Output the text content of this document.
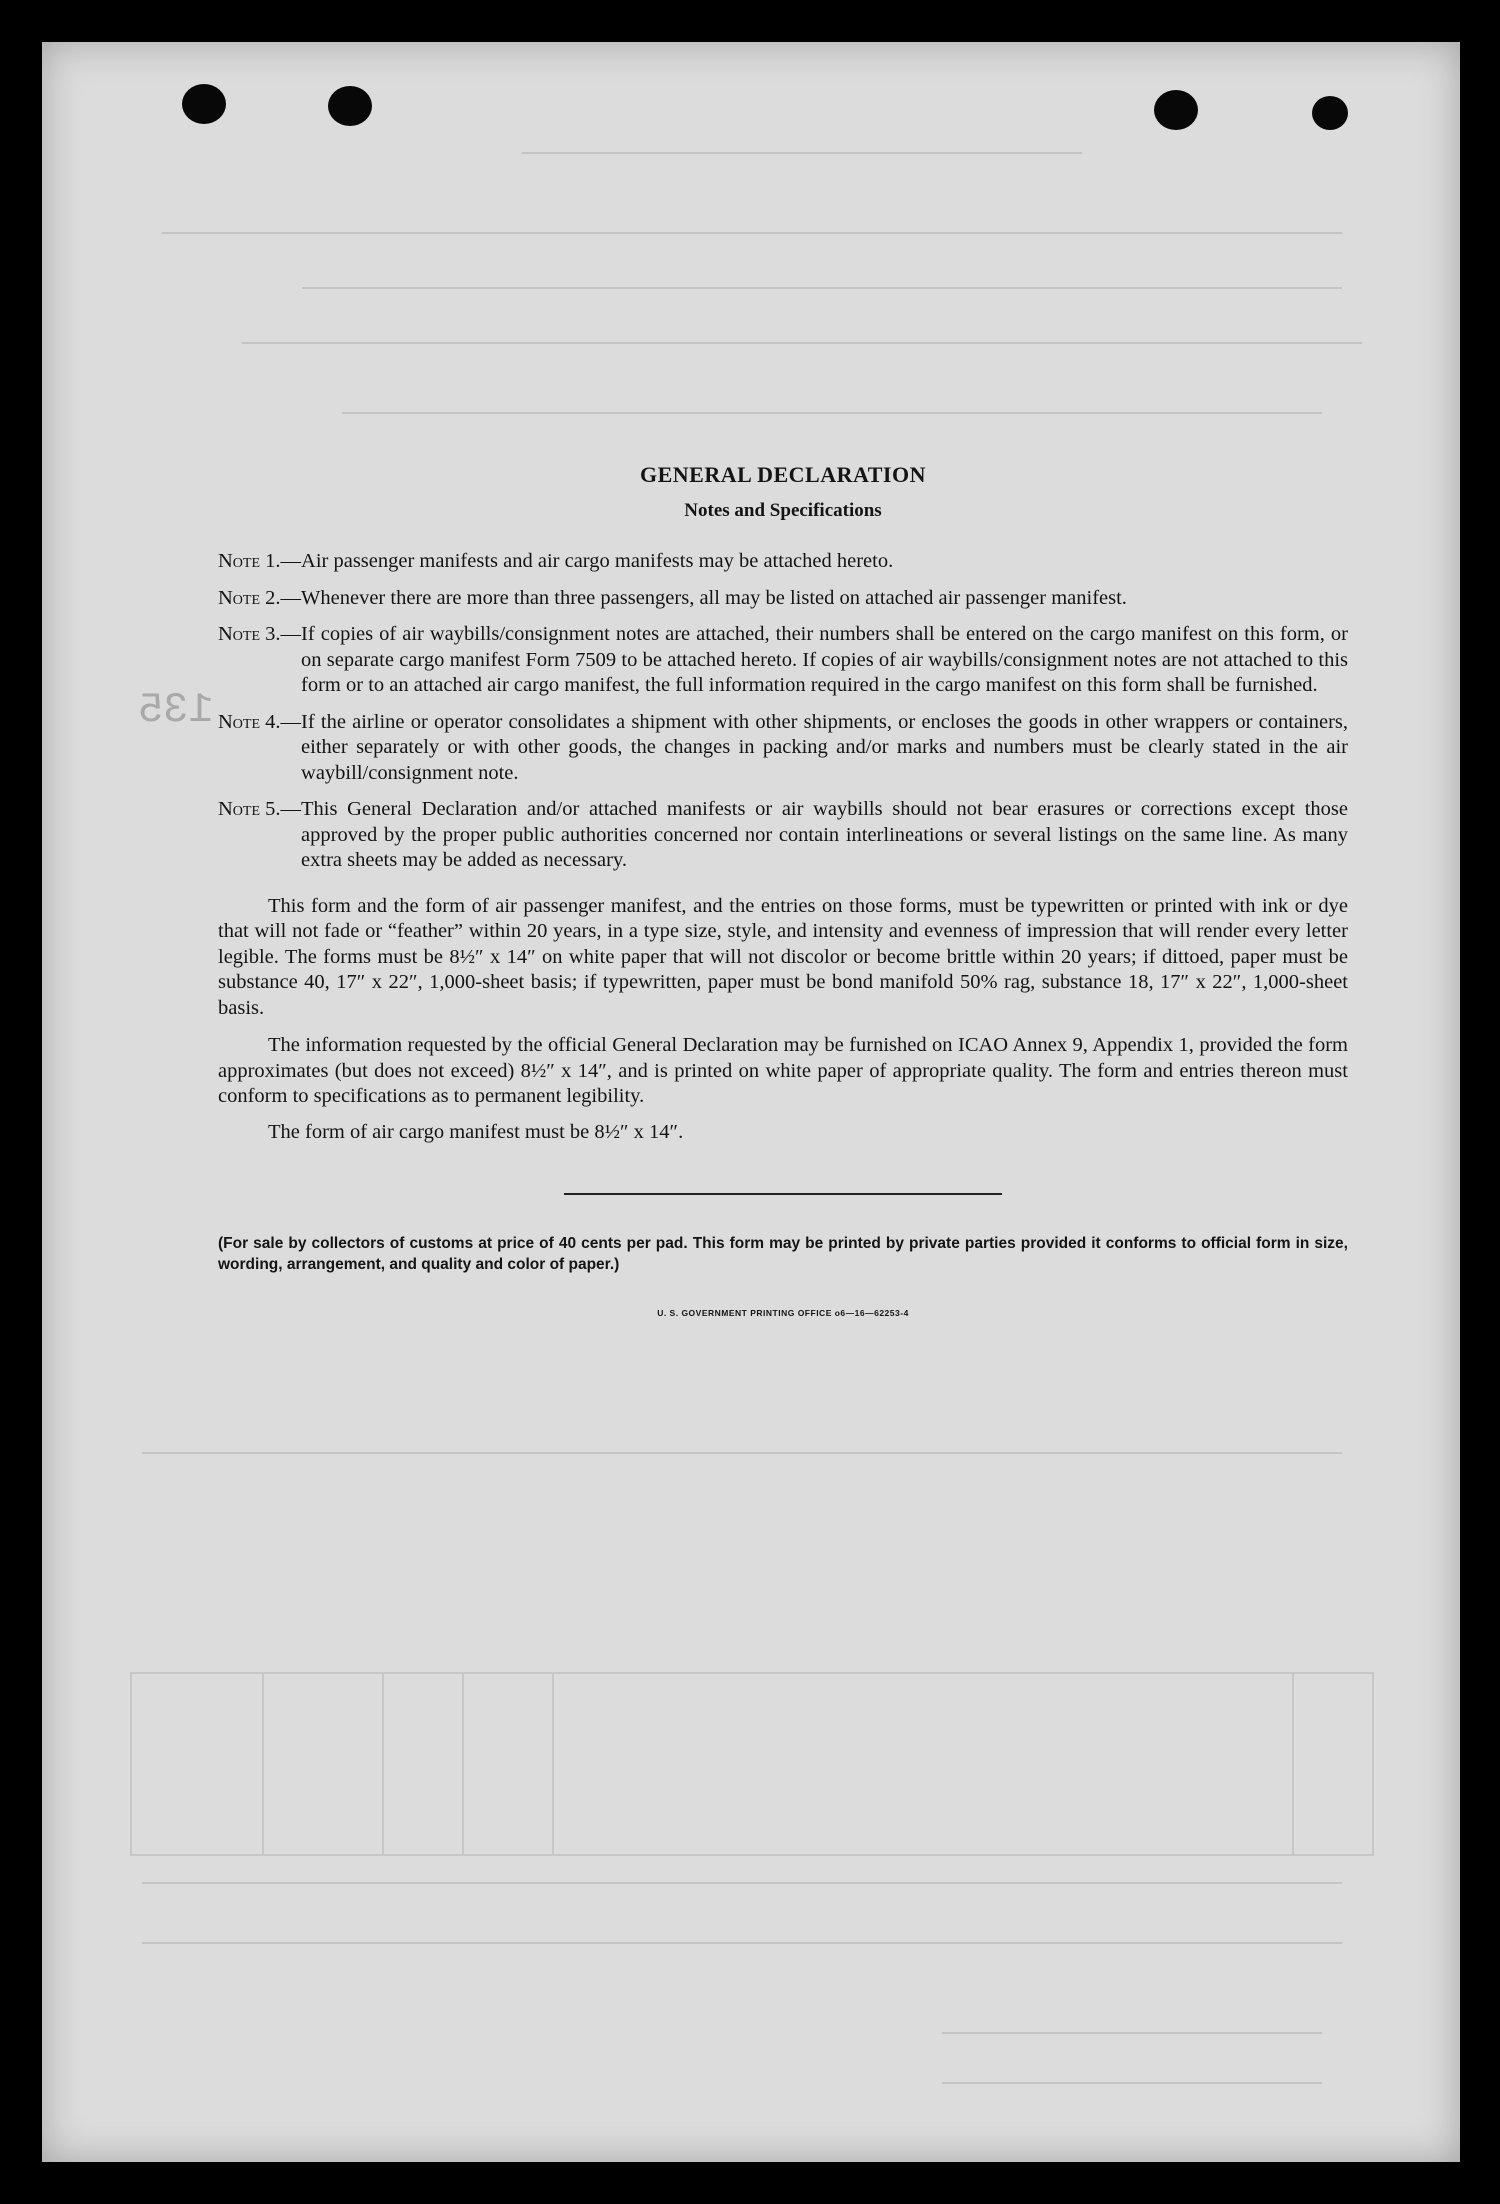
135
GENERAL DECLARATION
Notes and Specifications
Note 1.— Air passenger manifests and air cargo manifests may be attached hereto.
Note 2.— Whenever there are more than three passengers, all may be listed on attached air passenger manifest.
Note 3.— If copies of air waybills/consignment notes are attached, their numbers shall be entered on the cargo manifest on this form, or on separate cargo manifest Form 7509 to be attached hereto. If copies of air waybills/consignment notes are not attached to this form or to an attached air cargo manifest, the full information required in the cargo manifest on this form shall be furnished.
Note 4.— If the airline or operator consolidates a shipment with other shipments, or encloses the goods in other wrappers or containers, either separately or with other goods, the changes in packing and/or marks and numbers must be clearly stated in the air waybill/consignment note.
Note 5.— This General Declaration and/or attached manifests or air waybills should not bear erasures or corrections except those approved by the proper public authorities concerned nor contain interlineations or several listings on the same line. As many extra sheets may be added as necessary.

This form and the form of air passenger manifest, and the entries on those forms, must be typewritten or printed with ink or dye that will not fade or “feather” within 20 years, in a type size, style, and intensity and evenness of impression that will render every letter legible. The forms must be 8½″ x 14″ on white paper that will not discolor or become brittle within 20 years; if dittoed, paper must be substance 40, 17″ x 22″, 1,000-sheet basis; if typewritten, paper must be bond manifold 50% rag, substance 18, 17″ x 22″, 1,000-sheet basis.

The information requested by the official General Declaration may be furnished on ICAO Annex 9, Appendix 1, provided the form approximates (but does not exceed) 8½″ x 14″, and is printed on white paper of appropriate quality. The form and entries thereon must conform to specifications as to permanent legibility.

The form of air cargo manifest must be 8½″ x 14″.

(For sale by collectors of customs at price of 40 cents per pad. This form may be printed by private parties provided it conforms to official form in size, wording, arrangement, and quality and color of paper.)
U. S. GOVERNMENT PRINTING OFFICE o6—16—62253-4
